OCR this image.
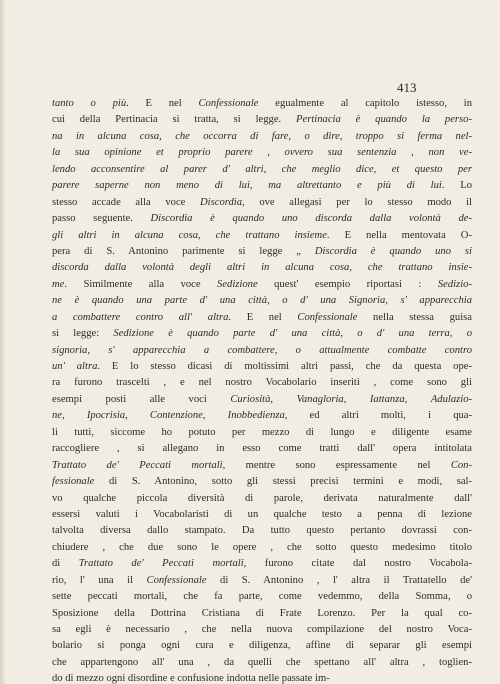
413
tanto o più. E nel Confessionale egualmente al capitolo istesso, in
cui della Pertinacia si tratta, si legge. Pertinacia è quando la perso-
na in alcuna cosa, che occorra di fare, o dire, troppo si ferma nel-
la sua opinione et proprio parere , ovvero sua sentenzia , non ve-
lendo acconsentire al parer d' altri, che meglio dice, et questo per
parere saperne non meno di lui, ma altrettanto e più di lui. Lo
stesso accade alla voce Discordia, ove allegasi per lo stesso modo il
passo seguente. Discordia è quando uno discorda dalla volontà de-
gli altri in alcuna cosa, che trattano insieme. E nella mentovata O-
pera di S. Antonino parimente si legge „ Discordia è quando uno si
discorda dalla volontà degli altri in alcuna cosa, che trattano insie-
me. Similmente alla voce Sedizione quest' esempio riportasi : Sedizio-
ne è quando una parte d' una città, o d' una Signoria, s' apparecchia
a combattere contro all' altra. E nel Confessionale nella stessa guisa
si legge: Sedizione è quando parte d' una città, o d' una terra, o
signoria, s' apparecchia a combattere, o attualmente combatte contro
un' altra. E lo stesso dicasi di moltissimi altri passi, che da questa ope-
ra furono trascelti , e nel nostro Vocabolario inseriti , come sono gli
esempi posti alle voci Curiosità, Vanagloria, Iattanza, Adulazio-
ne, Ipocrisia, Contenzione, Inobbedienza, ed altri molti, i qua-
li tutti, siccome ho potuto per mezzo di lungo e diligente esame
raccogliere , si allegano in esso come tratti dall' opera intitolata
Trattato de' Peccati mortali, mentre sono espressamente nel Con-
fessionale di S. Antonino, sotto gli stessi precisi termini e modi, sal-
vo qualche piccola diversità di parole, derivata naturalmente dall'
essersi valuti i Vocabolaristi di un qualche testo a penna di lezione
talvolta diversa dallo stampato. Da tutto questo pertanto dovrassi con-
chiudere , che due sono le opere , che sotto questo medesimo titolo
di Trattato de' Peccati mortali, furono citate dal nostro Vocabola-
rio, l' una il Confessionale di S. Antonino , l' altra il Trattatello de'
sette peccati mortali, che fa parte, come vedemmo, della Somma, o
Sposizione della Dottrina Cristiana di Frate Lorenzo. Per la qual co-
sa egli è necessario , che nella nuova compilazione del nostro Voca-
bolario si ponga ogni cura e diligenza, affine di separar gli esempi
che appartengono all' una , da quelli che spettano all' altra , toglien-
do di mezzo ogni disordine e confusione indotta nelle passate im-
